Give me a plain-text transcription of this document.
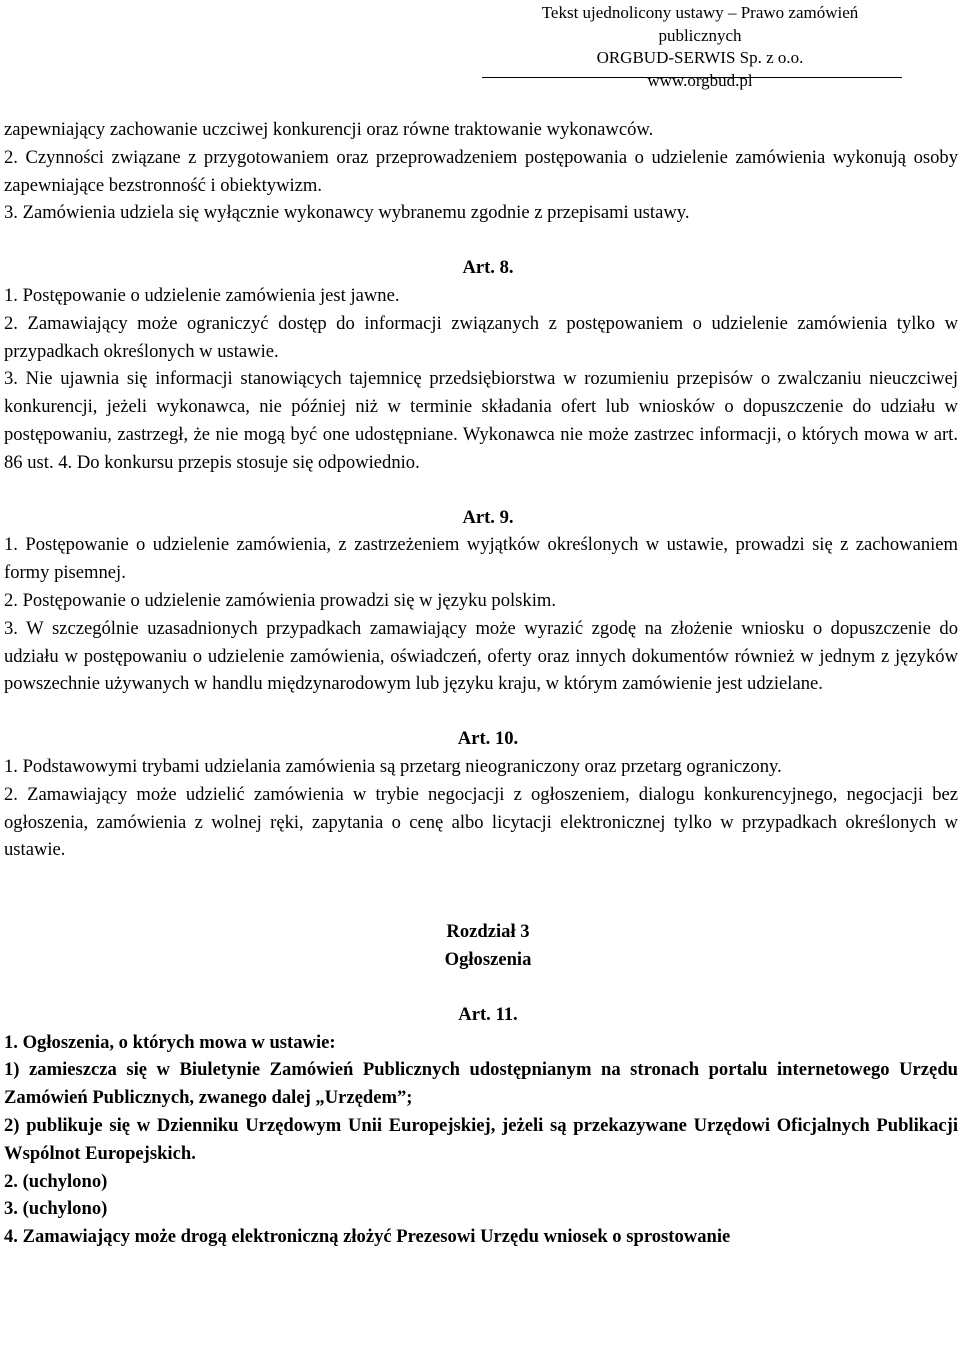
Tekst ujednolicony ustawy – Prawo zamówień publicznych
ORGBUD-SERWIS Sp. z o.o.
www.orgbud.pl

zapewniający zachowanie uczciwej konkurencji oraz równe traktowanie wykonawców.

2. Czynności związane z przygotowaniem oraz przeprowadzeniem postępowania o udzielenie zamówienia wykonują osoby zapewniające bezstronność i obiektywizm.

3. Zamówienia udziela się wyłącznie wykonawcy wybranemu zgodnie z przepisami ustawy.

Art. 8.

1. Postępowanie o udzielenie zamówienia jest jawne.

2. Zamawiający może ograniczyć dostęp do informacji związanych z postępowaniem o udzielenie zamówienia tylko w przypadkach określonych w ustawie.

3. Nie ujawnia się informacji stanowiących tajemnicę przedsiębiorstwa w rozumieniu przepisów o zwalczaniu nieuczciwej konkurencji, jeżeli wykonawca, nie później niż w terminie składania ofert lub wniosków o dopuszczenie do udziału w postępowaniu, zastrzegł, że nie mogą być one udostępniane. Wykonawca nie może zastrzec informacji, o których mowa w art. 86 ust. 4. Do konkursu przepis stosuje się odpowiednio.

Art. 9.

1. Postępowanie o udzielenie zamówienia, z zastrzeżeniem wyjątków określonych w ustawie, prowadzi się z zachowaniem formy pisemnej.

2. Postępowanie o udzielenie zamówienia prowadzi się w języku polskim.

3. W szczególnie uzasadnionych przypadkach zamawiający może wyrazić zgodę na złożenie wniosku o dopuszczenie do udziału w postępowaniu o udzielenie zamówienia, oświadczeń, oferty oraz innych dokumentów również w jednym z języków powszechnie używanych w handlu międzynarodowym lub języku kraju, w którym zamówienie jest udzielane.

Art. 10.

1. Podstawowymi trybami udzielania zamówienia są przetarg nieograniczony oraz przetarg ograniczony.

2. Zamawiający może udzielić zamówienia w trybie negocjacji z ogłoszeniem, dialogu konkurencyjnego, negocjacji bez ogłoszenia, zamówienia z wolnej ręki, zapytania o cenę albo licytacji elektronicznej tylko w przypadkach określonych w ustawie.

Rozdział 3

Ogłoszenia

Art. 11.

1. Ogłoszenia, o których mowa w ustawie:

1) zamieszcza się w Biuletynie Zamówień Publicznych udostępnianym na stronach portalu internetowego Urzędu Zamówień Publicznych, zwanego dalej „Urzędem”;

2) publikuje się w Dzienniku Urzędowym Unii Europejskiej, jeżeli są przekazywane Urzędowi Oficjalnych Publikacji Wspólnot Europejskich.

2. (uchylono)

3. (uchylono)

4. Zamawiający może drogą elektroniczną złożyć Prezesowi Urzędu wniosek o sprostowanie
